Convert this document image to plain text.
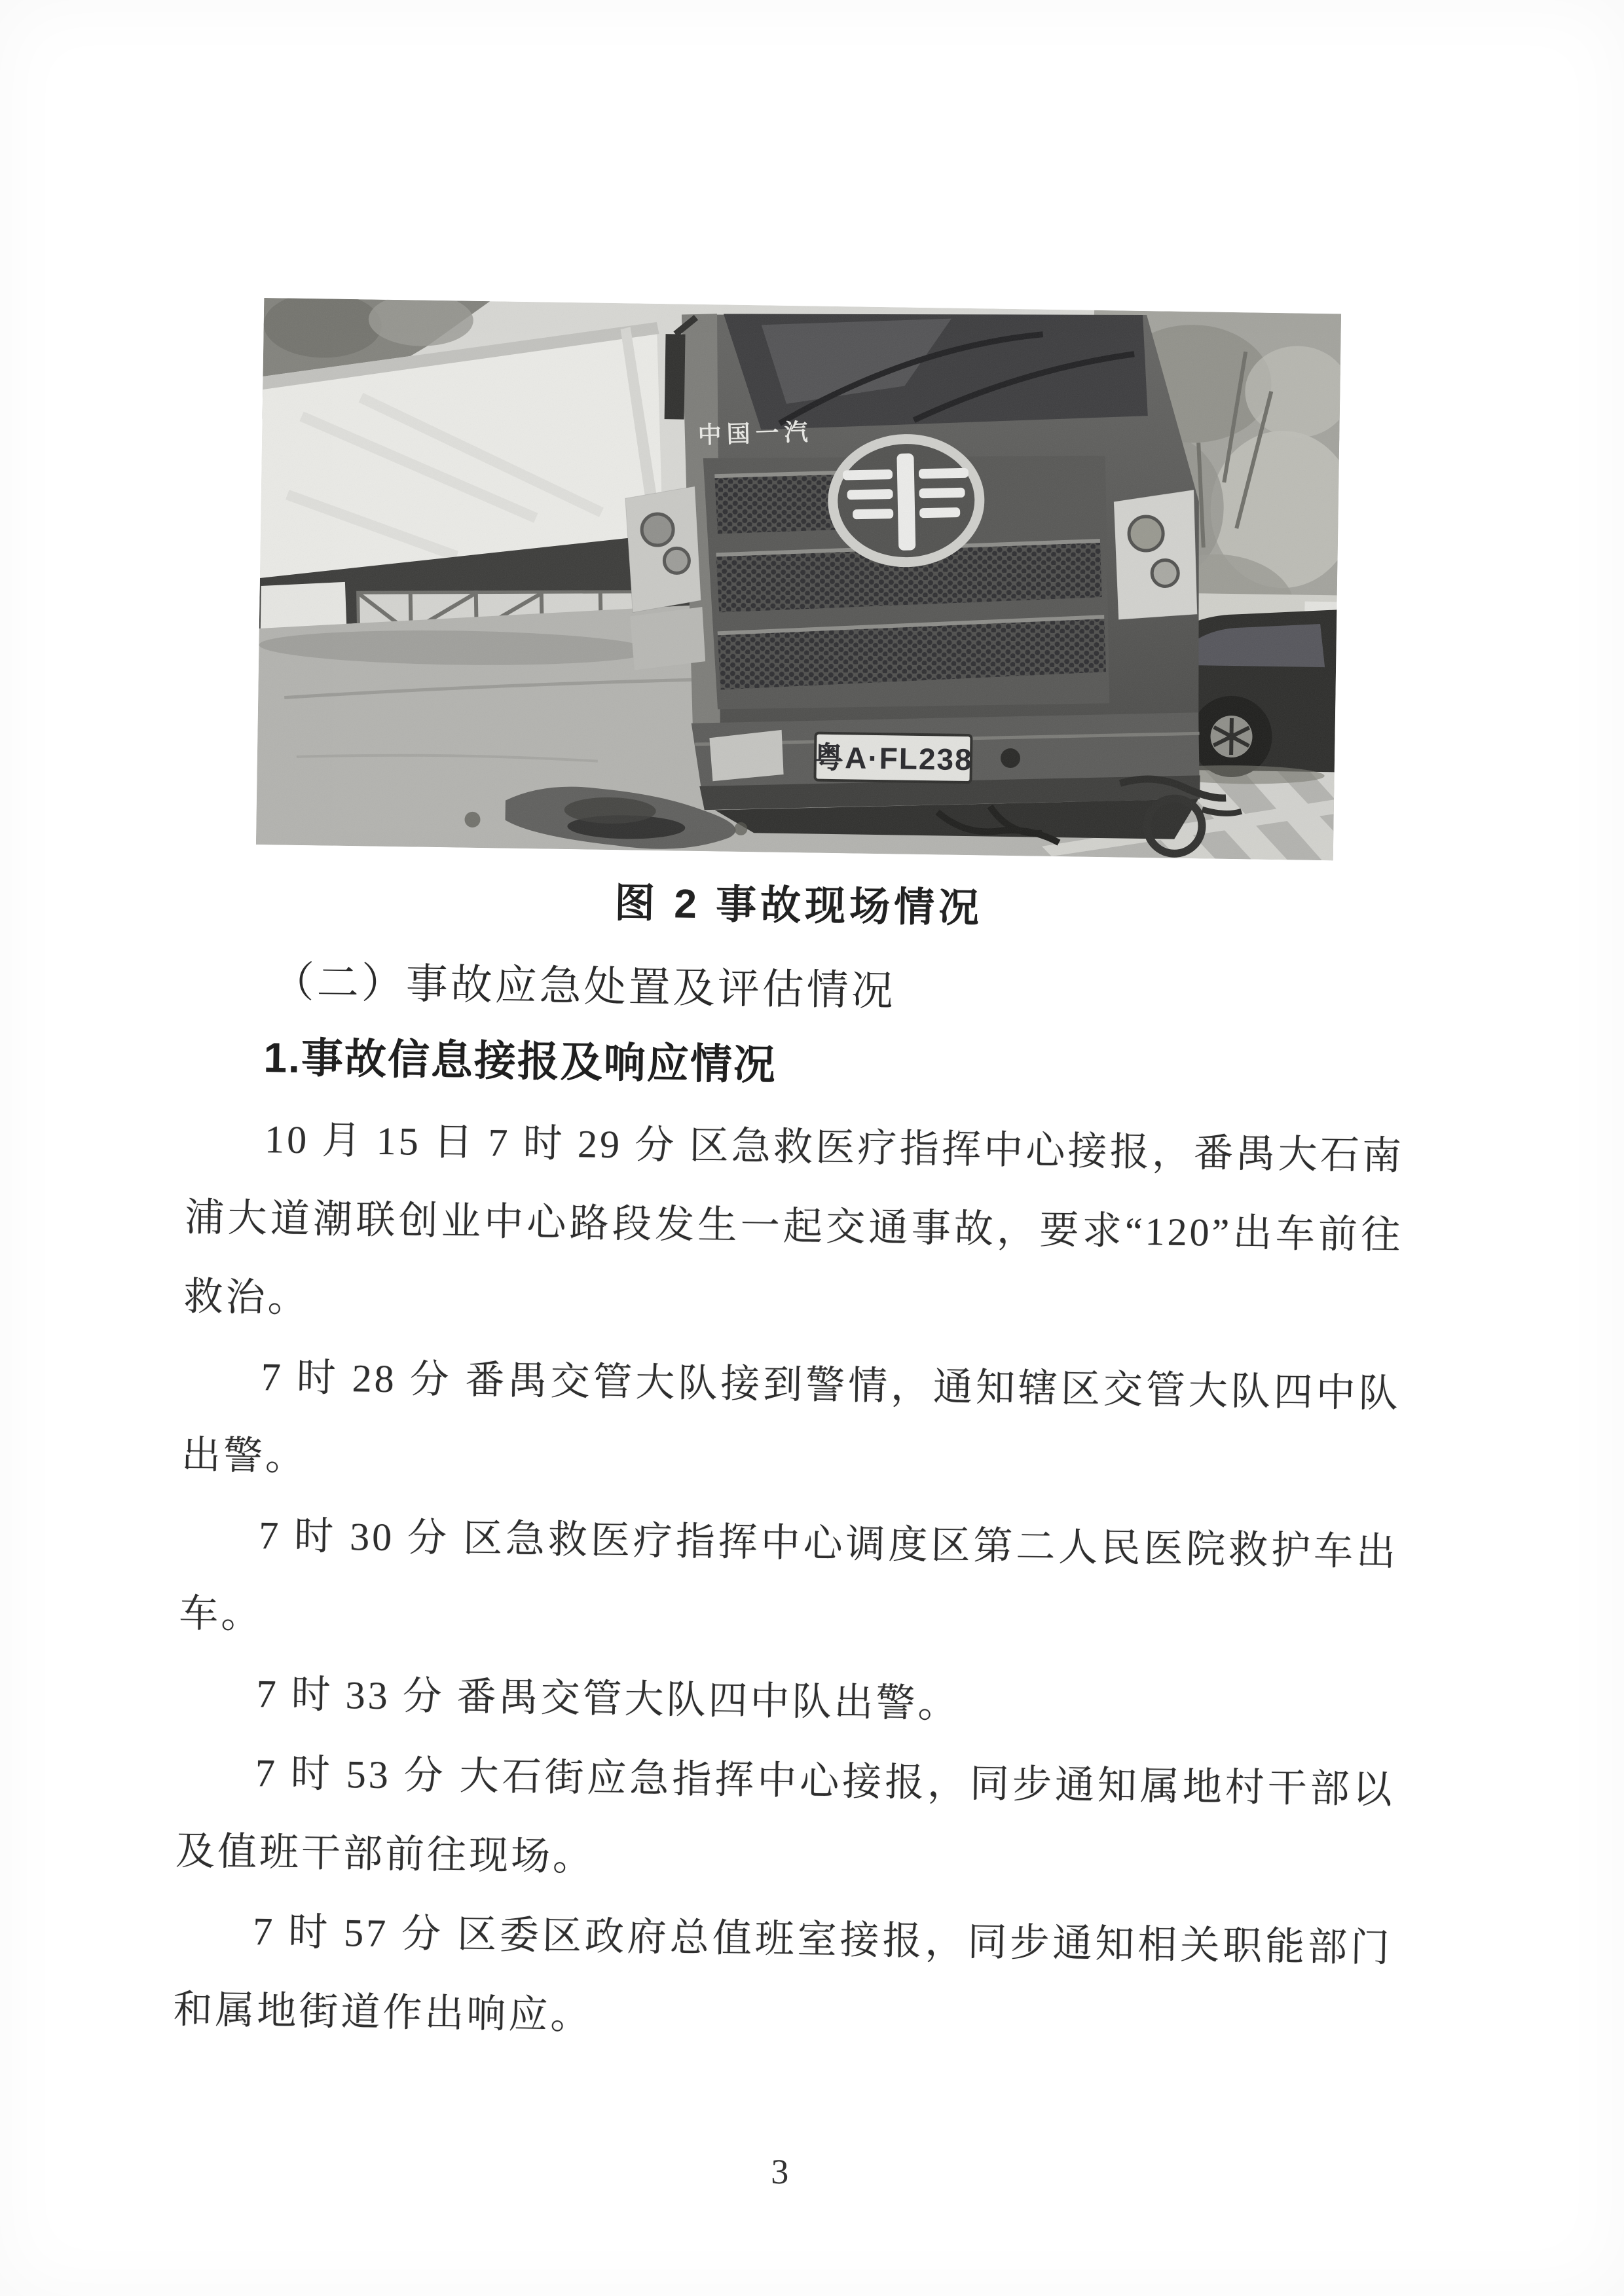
中国一汽
粤A·FL238
图 2 事故现场情况
（二）事故应急处置及评估情况
1.事故信息接报及响应情况

10 月 15 日 7 时 29 分 区急救医疗指挥中心接报，番禺大石南浦大道潮联创业中心路段发生一起交通事故，要求“120”出车前往救治。

7 时 28 分 番禺交管大队接到警情，通知辖区交管大队四中队出警。

7 时 30 分 区急救医疗指挥中心调度区第二人民医院救护车出车。

7 时 33 分 番禺交管大队四中队出警。

7 时 53 分 大石街应急指挥中心接报，同步通知属地村干部以及值班干部前往现场。

7 时 57 分 区委区政府总值班室接报，同步通知相关职能部门和属地街道作出响应。

3
